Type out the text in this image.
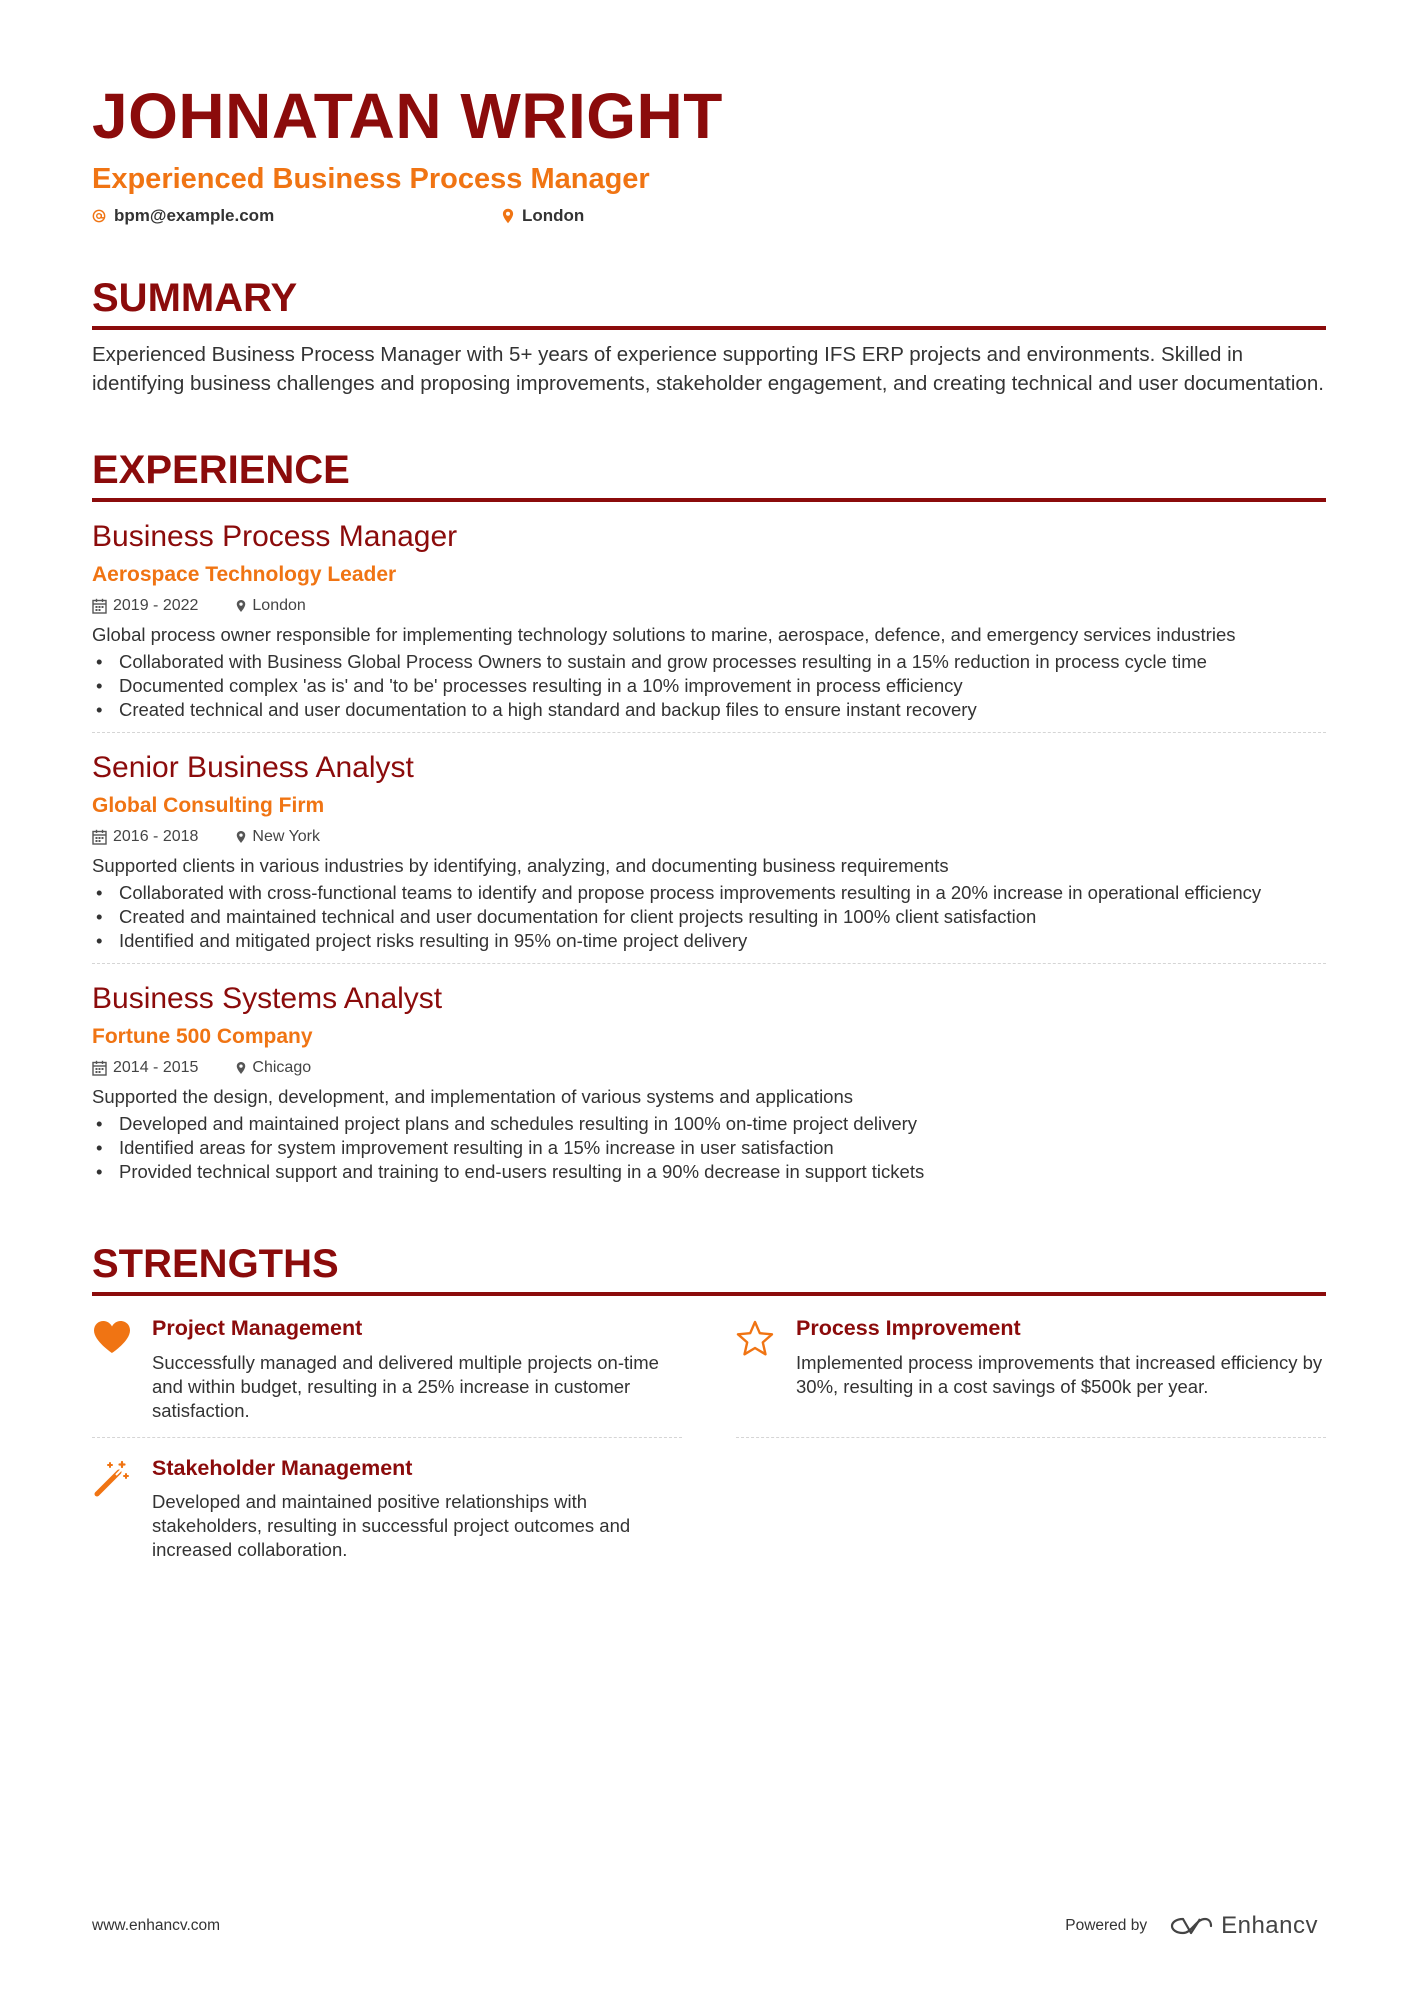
JOHNATAN WRIGHT
Experienced Business Process Manager
bpm@example.com	London
SUMMARY
Experienced Business Process Manager with 5+ years of experience supporting IFS ERP projects and environments. Skilled in identifying business challenges and proposing improvements, stakeholder engagement, and creating technical and user documentation.
EXPERIENCE
Business Process Manager
Aerospace Technology Leader
2019 - 2022	London
Global process owner responsible for implementing technology solutions to marine, aerospace, defence, and emergency services industries
• Collaborated with Business Global Process Owners to sustain and grow processes resulting in a 15% reduction in process cycle time
• Documented complex 'as is' and 'to be' processes resulting in a 10% improvement in process efficiency
• Created technical and user documentation to a high standard and backup files to ensure instant recovery
Senior Business Analyst
Global Consulting Firm
2016 - 2018	New York
Supported clients in various industries by identifying, analyzing, and documenting business requirements
• Collaborated with cross-functional teams to identify and propose process improvements resulting in a 20% increase in operational efficiency
• Created and maintained technical and user documentation for client projects resulting in 100% client satisfaction
• Identified and mitigated project risks resulting in 95% on-time project delivery
Business Systems Analyst
Fortune 500 Company
2014 - 2015	Chicago
Supported the design, development, and implementation of various systems and applications
• Developed and maintained project plans and schedules resulting in 100% on-time project delivery
• Identified areas for system improvement resulting in a 15% increase in user satisfaction
• Provided technical support and training to end-users resulting in a 90% decrease in support tickets
STRENGTHS
Project Management
Successfully managed and delivered multiple projects on-time and within budget, resulting in a 25% increase in customer satisfaction.
Process Improvement
Implemented process improvements that increased efficiency by 30%, resulting in a cost savings of $500k per year.
Stakeholder Management
Developed and maintained positive relationships with stakeholders, resulting in successful project outcomes and increased collaboration.
www.enhancv.com	Powered by	Enhancv
